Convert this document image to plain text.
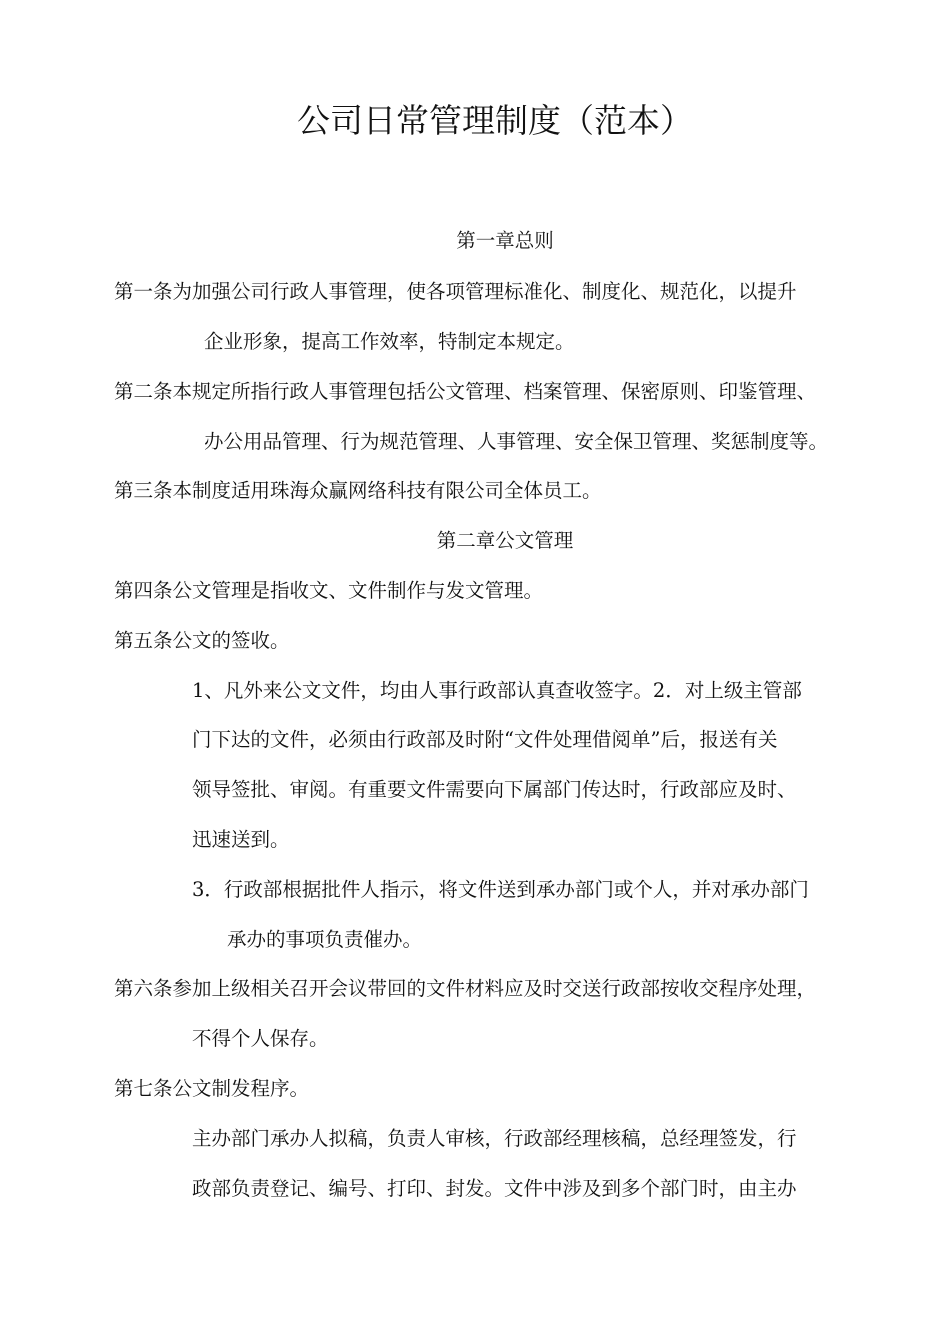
公司日常管理制度（范本）
第一章总则
第一条为加强公司行政人事管理，使各项管理标准化、制度化、规范化，以提升
企业形象，提高工作效率，特制定本规定。
第二条本规定所指行政人事管理包括公文管理、档案管理、保密原则、印鉴管理、
办公用品管理、行为规范管理、人事管理、安全保卫管理、奖惩制度等。
第三条本制度适用珠海众赢网络科技有限公司全体员工。
第二章公文管理
第四条公文管理是指收文、文件制作与发文管理。
第五条公文的签收。
1、凡外来公文文件，均由人事行政部认真查收签字。2．对上级主管部
门下达的文件，必须由行政部及时附“文件处理借阅单”后，报送有关
领导签批、审阅。有重要文件需要向下属部门传达时，行政部应及时、
迅速送到。
3．行政部根据批件人指示，将文件送到承办部门或个人，并对承办部门
承办的事项负责催办。
第六条参加上级相关召开会议带回的文件材料应及时交送行政部按收交程序处理，
不得个人保存。
第七条公文制发程序。
主办部门承办人拟稿，负责人审核，行政部经理核稿，总经理签发，行
政部负责登记、编号、打印、封发。文件中涉及到多个部门时，由主办
